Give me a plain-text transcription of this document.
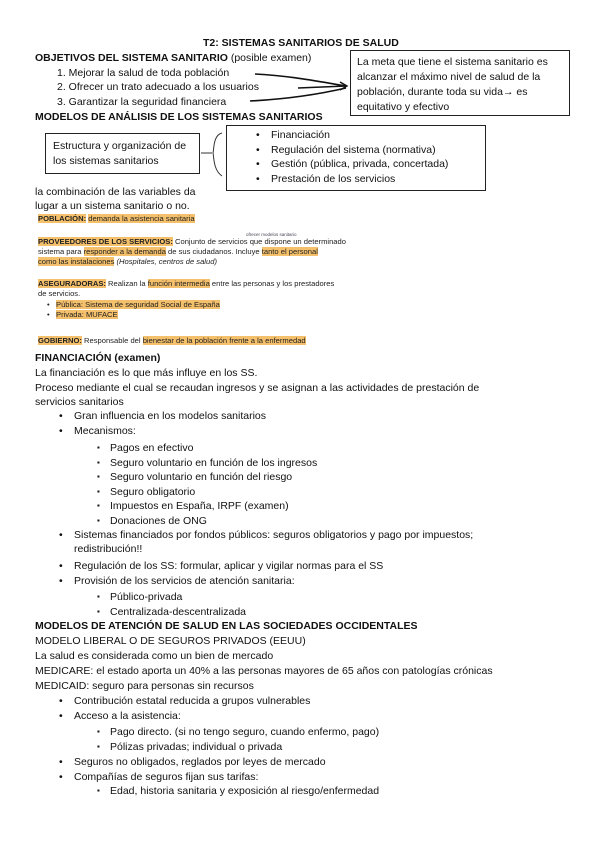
T2: SISTEMAS SANITARIOS DE SALUD
OBJETIVOS DEL SISTEMA SANITARIO (posible examen)
1. Mejorar la salud de toda población
2. Ofrecer un trato adecuado a los usuarios
3. Garantizar la seguridad financiera
La meta que tiene el sistema sanitario es alcanzar el máximo nivel de salud de la población, durante toda su vida→ es equitativo y efectivo
MODELOS DE ANÁLISIS DE LOS SISTEMAS SANITARIOS
Estructura y organización de los sistemas sanitarios
• Financiación
• Regulación del sistema (normativa)
• Gestión (pública, privada, concertada)
• Prestación de los servicios
la combinación de las variables da
lugar a un sistema sanitario o no.
POBLACIÓN: demanda la asistencia sanitaria
ofrecer modelos sanitario
PROVEEDORES DE LOS SERVICIOS: Conjunto de servicios que dispone un determinado
sistema para responder a la demanda de sus ciudadanos. Incluye tanto el personal
como las instalaciones (Hospitales, centros de salud)
ASEGURADORAS: Realizan la función intermedia entre las personas y los prestadores
de servicios.
• Pública: Sistema de seguridad Social de España
• Privada: MUFACE
GOBIERNO: Responsable del bienestar de la población frente a la enfermedad
FINANCIACIÓN (examen)
La financiación es lo que más influye en los SS.
Proceso mediante el cual se recaudan ingresos y se asignan a las actividades de prestación de
servicios sanitarios
• Gran influencia en los modelos sanitarios
• Mecanismos:
▪ Pagos en efectivo
▪ Seguro voluntario en función de los ingresos
▪ Seguro voluntario en función del riesgo
▪ Seguro obligatorio
▪ Impuestos en España, IRPF (examen)
▪ Donaciones de ONG
• Sistemas financiados por fondos públicos: seguros obligatorios y pago por impuestos;
redistribución!!
• Regulación de los SS: formular, aplicar y vigilar normas para el SS
• Provisión de los servicios de atención sanitaria:
▪ Público-privada
▪ Centralizada-descentralizada
MODELOS DE ATENCIÓN DE SALUD EN LAS SOCIEDADES OCCIDENTALES
MODELO LIBERAL O DE SEGUROS PRIVADOS (EEUU)
La salud es considerada como un bien de mercado
MEDICARE: el estado aporta un 40% a las personas mayores de 65 años con patologías crónicas
MEDICAID: seguro para personas sin recursos
• Contribución estatal reducida a grupos vulnerables
• Acceso a la asistencia:
▪ Pago directo. (si no tengo seguro, cuando enfermo, pago)
▪ Pólizas privadas; individual o privada
• Seguros no obligados, reglados por leyes de mercado
• Compañías de seguros fijan sus tarifas:
▪ Edad, historia sanitaria y exposición al riesgo/enfermedad
